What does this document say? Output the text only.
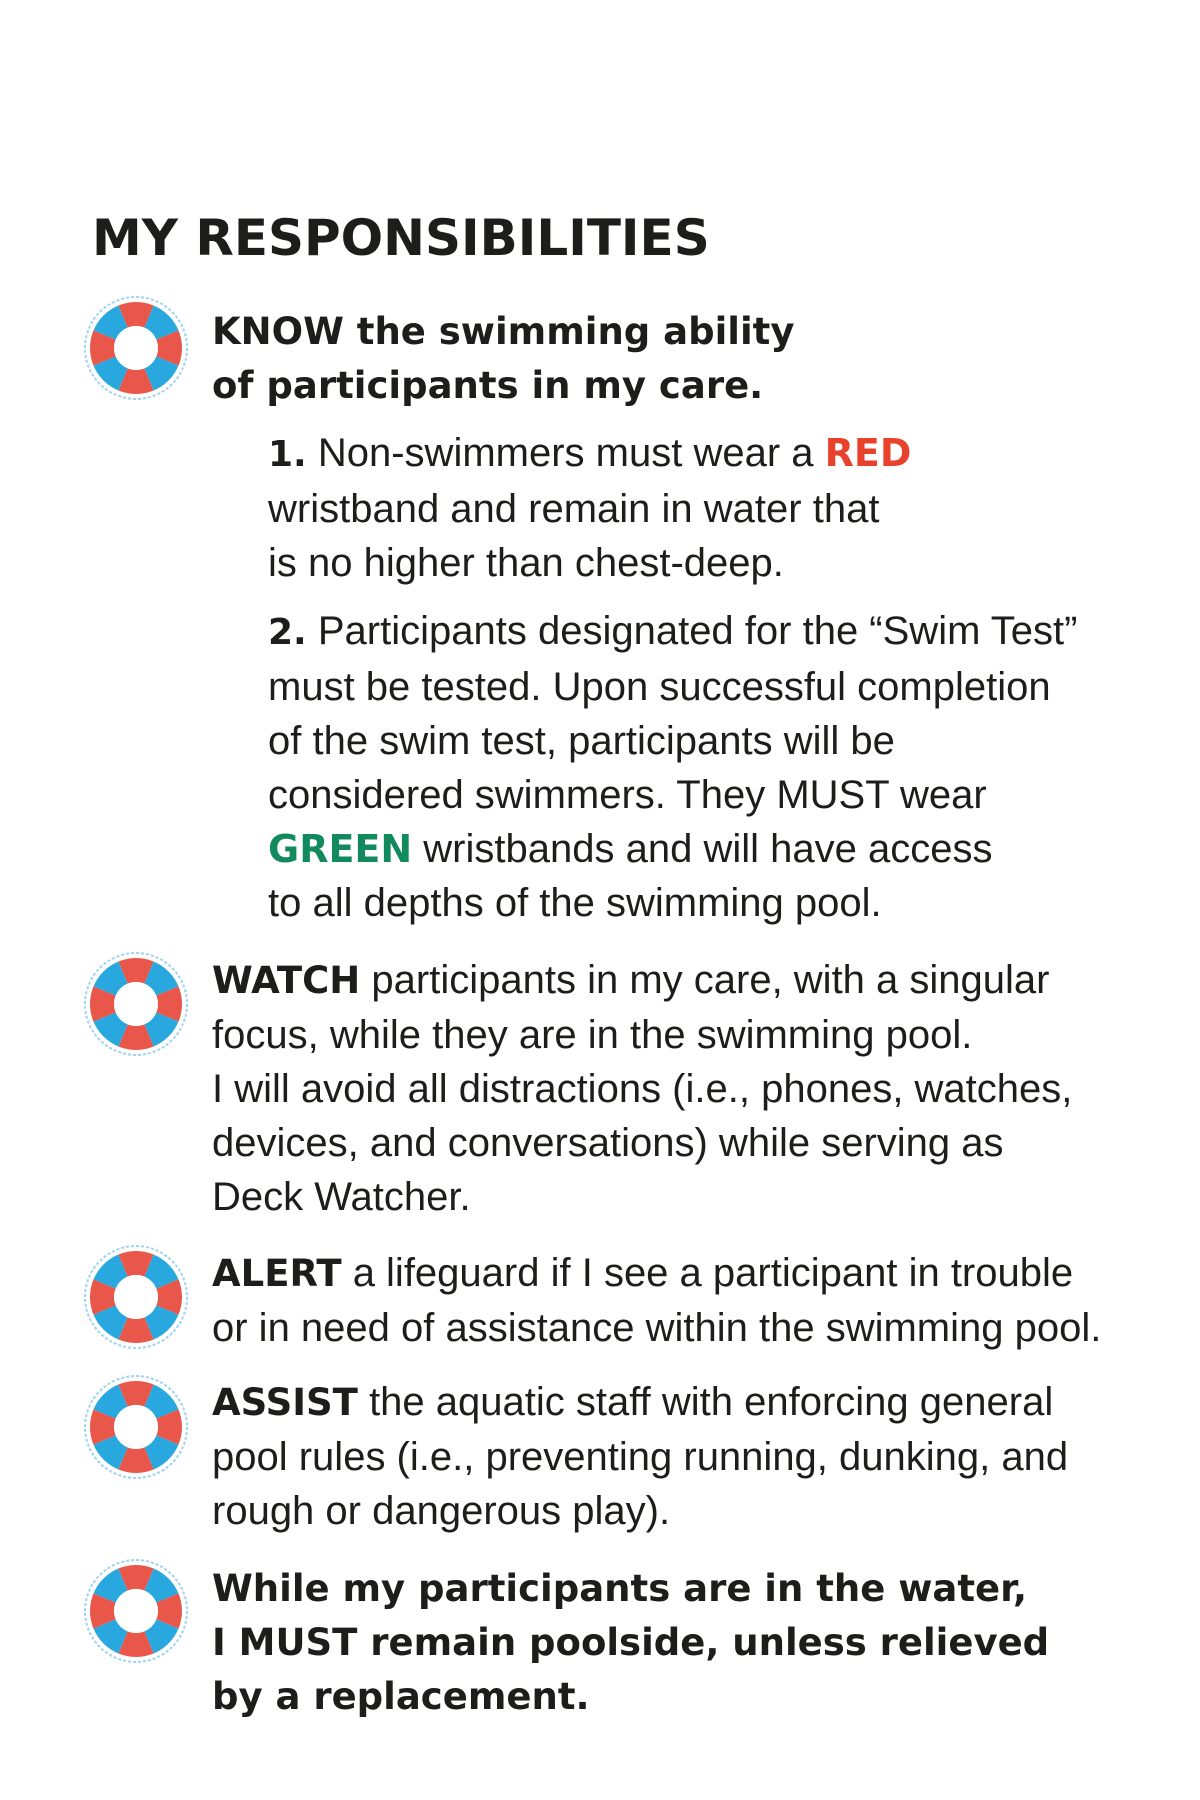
MY RESPONSIBILITIES
KNOW the swimming ability
of participants in my care.
1. Non-swimmers must wear a RED
wristband and remain in water that
is no higher than chest-deep.
2. Participants designated for the “Swim Test”
must be tested. Upon successful completion
of the swim test, participants will be
considered swimmers. They MUST wear
GREEN wristbands and will have access
to all depths of the swimming pool.
WATCH participants in my care, with a singular
focus, while they are in the swimming pool.
I will avoid all distractions (i.e., phones, watches,
devices, and conversations) while serving as
Deck Watcher.
ALERT a lifeguard if I see a participant in trouble
or in need of assistance within the swimming pool.
ASSIST the aquatic staff with enforcing general
pool rules (i.e., preventing running, dunking, and
rough or dangerous play).
While my participants are in the water,
I MUST remain poolside, unless relieved
by a replacement.
